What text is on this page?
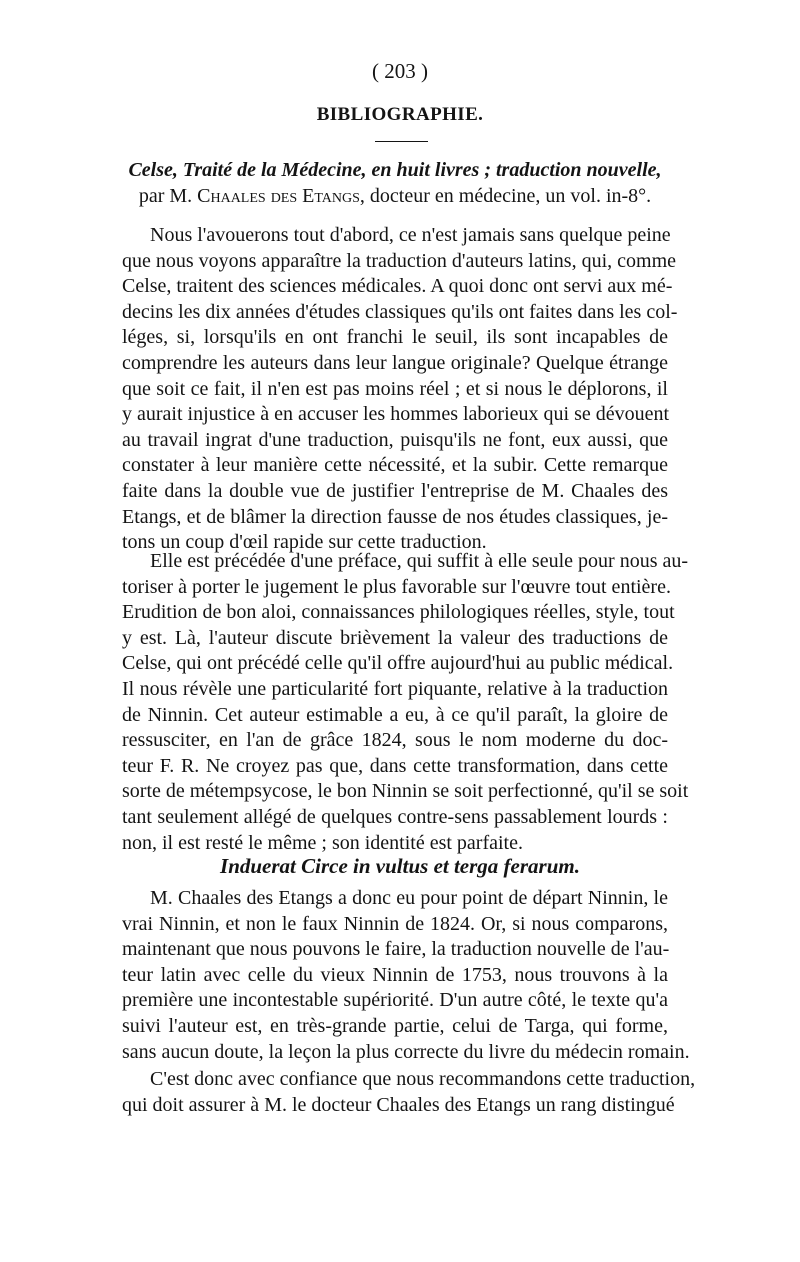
( 203 )
BIBLIOGRAPHIE.
Celse, Traité de la Médecine, en huit livres ; traduction nouvelle,
par M. Chaales des Etangs, docteur en médecine, un vol. in-8°.
Nous l'avouerons tout d'abord, ce n'est jamais sans quelque peine
que nous voyons apparaître la traduction d'auteurs latins, qui, comme
Celse, traitent des sciences médicales. A quoi donc ont servi aux mé-
decins les dix années d'études classiques qu'ils ont faites dans les col-
léges, si, lorsqu'ils en ont franchi le seuil, ils sont incapables de
comprendre les auteurs dans leur langue originale? Quelque étrange
que soit ce fait, il n'en est pas moins réel ; et si nous le déplorons, il
y aurait injustice à en accuser les hommes laborieux qui se dévouent
au travail ingrat d'une traduction, puisqu'ils ne font, eux aussi, que
constater à leur manière cette nécessité, et la subir. Cette remarque
faite dans la double vue de justifier l'entreprise de M. Chaales des
Etangs, et de blâmer la direction fausse de nos études classiques, je-
tons un coup d'œil rapide sur cette traduction.
Elle est précédée d'une préface, qui suffit à elle seule pour nous au-
toriser à porter le jugement le plus favorable sur l'œuvre tout entière.
Erudition de bon aloi, connaissances philologiques réelles, style, tout
y est. Là, l'auteur discute brièvement la valeur des traductions de
Celse, qui ont précédé celle qu'il offre aujourd'hui au public médical.
Il nous révèle une particularité fort piquante, relative à la traduction
de Ninnin. Cet auteur estimable a eu, à ce qu'il paraît, la gloire de
ressusciter, en l'an de grâce 1824, sous le nom moderne du doc-
teur F. R. Ne croyez pas que, dans cette transformation, dans cette
sorte de métempsycose, le bon Ninnin se soit perfectionné, qu'il se soit
tant seulement allégé de quelques contre-sens passablement lourds :
non, il est resté le même ; son identité est parfaite.
Induerat Circe in vultus et terga ferarum.
M. Chaales des Etangs a donc eu pour point de départ Ninnin, le
vrai Ninnin, et non le faux Ninnin de 1824. Or, si nous comparons,
maintenant que nous pouvons le faire, la traduction nouvelle de l'au-
teur latin avec celle du vieux Ninnin de 1753, nous trouvons à la
première une incontestable supériorité. D'un autre côté, le texte qu'a
suivi l'auteur est, en très-grande partie, celui de Targa, qui forme,
sans aucun doute, la leçon la plus correcte du livre du médecin romain.
C'est donc avec confiance que nous recommandons cette traduction,
qui doit assurer à M. le docteur Chaales des Etangs un rang distingué
